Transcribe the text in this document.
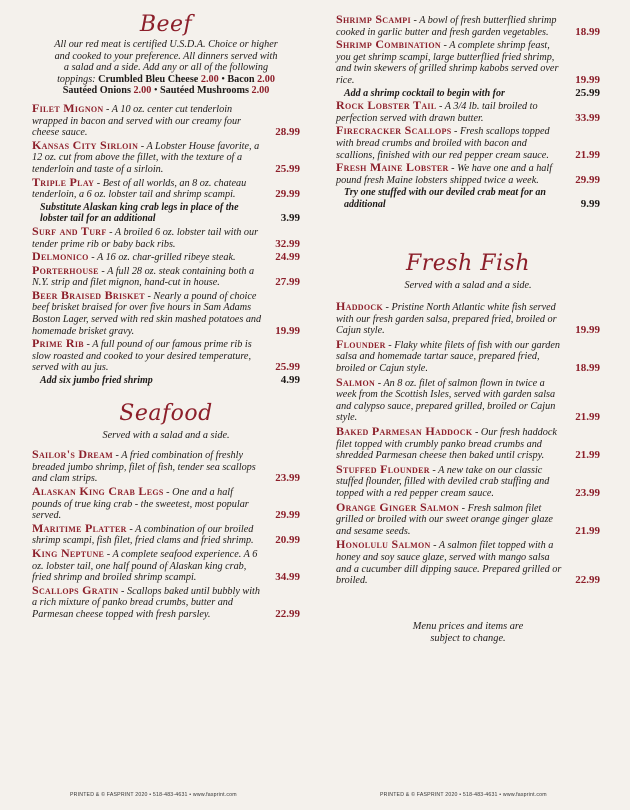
Beef
All our red meat is certified U.S.D.A. Choice or higher
and cooked to your preference. All dinners served with
a salad and a side. Add any or all of the following
toppings: Crumbled Bleu Cheese 2.00 • Bacon 2.00
Sautéed Onions 2.00 • Sautéed Mushrooms 2.00
Filet Mignon - A 10 oz. center cut tenderloin wrapped in bacon and served with our creamy four cheese sauce.	28.99
Kansas City Sirloin - A Lobster House favorite, a 12 oz. cut from above the fillet, with the texture of a tenderloin and taste of a sirloin.	25.99
Triple Play - Best of all worlds, an 8 oz. chateau tenderloin, a 6 oz. lobster tail and shrimp scampi.	29.99
Substitute Alaskan king crab legs in place of the lobster tail for an additional	3.99
Surf and Turf - A broiled 6 oz. lobster tail with our tender prime rib or baby back ribs.	32.99
Delmonico - A 16 oz. char-grilled ribeye steak.	24.99
Porterhouse - A full 28 oz. steak containing both a N.Y. strip and filet mignon, hand-cut in house.	27.99
Beer Braised Brisket - Nearly a pound of choice beef brisket braised for over five hours in Sam Adams Boston Lager, served with red skin mashed potatoes and homemade brisket gravy.	19.99
Prime Rib - A full pound of our famous prime rib is slow roasted and cooked to your desired temperature, served with au jus.	25.99
Add six jumbo fried shrimp	4.99
Seafood
Served with a salad and a side.
Sailor's Dream - A fried combination of freshly breaded jumbo shrimp, filet of fish, tender sea scallops and clam strips.	23.99
Alaskan King Crab Legs - One and a half pounds of true king crab - the sweetest, most popular served.	29.99
Maritime Platter - A combination of our broiled shrimp scampi, fish filet, fried clams and fried shrimp. 20.99
King Neptune - A complete seafood experience. A 6 oz. lobster tail, one half pound of Alaskan king crab, fried shrimp and broiled shrimp scampi.	34.99
Scallops Gratin - Scallops baked until bubbly with a rich mixture of panko bread crumbs, butter and Parmesan cheese topped with fresh parsley.	22.99
Shrimp Scampi - A bowl of fresh butterflied shrimp cooked in garlic butter and fresh garden vegetables. 18.99
Shrimp Combination - A complete shrimp feast, you get shrimp scampi, large butterflied fried shrimp, and twin skewers of grilled shrimp kabobs served over rice.	19.99
Add a shrimp cocktail to begin with for	25.99
Rock Lobster Tail - A 3/4 lb. tail broiled to perfection served with drawn butter.	33.99
Firecracker Scallops - Fresh scallops topped with bread crumbs and broiled with bacon and scallions, finished with our red pepper cream sauce. 21.99
Fresh Maine Lobster - We have one and a half pound fresh Maine lobsters shipped twice a week.	29.99
Try one stuffed with our deviled crab meat for an additional	9.99
Fresh Fish
Served with a salad and a side.
Haddock - Pristine North Atlantic white fish served with our fresh garden salsa, prepared fried, broiled or Cajun style.	19.99
Flounder - Flaky white filets of fish with our garden salsa and homemade tartar sauce, prepared fried, broiled or Cajun style.	18.99
Salmon - An 8 oz. filet of salmon flown in twice a week from the Scottish Isles, served with garden salsa and calypso sauce, prepared grilled, broiled or Cajun style.	21.99
Baked Parmesan Haddock - Our fresh haddock filet topped with crumbly panko bread crumbs and shredded Parmesan cheese then baked until crispy.	21.99
Stuffed Flounder - A new take on our classic stuffed flounder, filled with deviled crab stuffing and topped with a red pepper cream sauce.	23.99
Orange Ginger Salmon - Fresh salmon filet grilled or broiled with our sweet orange ginger glaze and sesame seeds.	21.99
Honolulu Salmon - A salmon filet topped with a honey and soy sauce glaze, served with mango salsa and a cucumber dill dipping sauce. Prepared grilled or broiled.	22.99
Menu prices and items are
subject to change.
PRINTED & © FASPRINT 2020 • 518-483-4631 • www.fasprint.com	PRINTED & © FASPRINT 2020 • 518-483-4631 • www.fasprint.com
